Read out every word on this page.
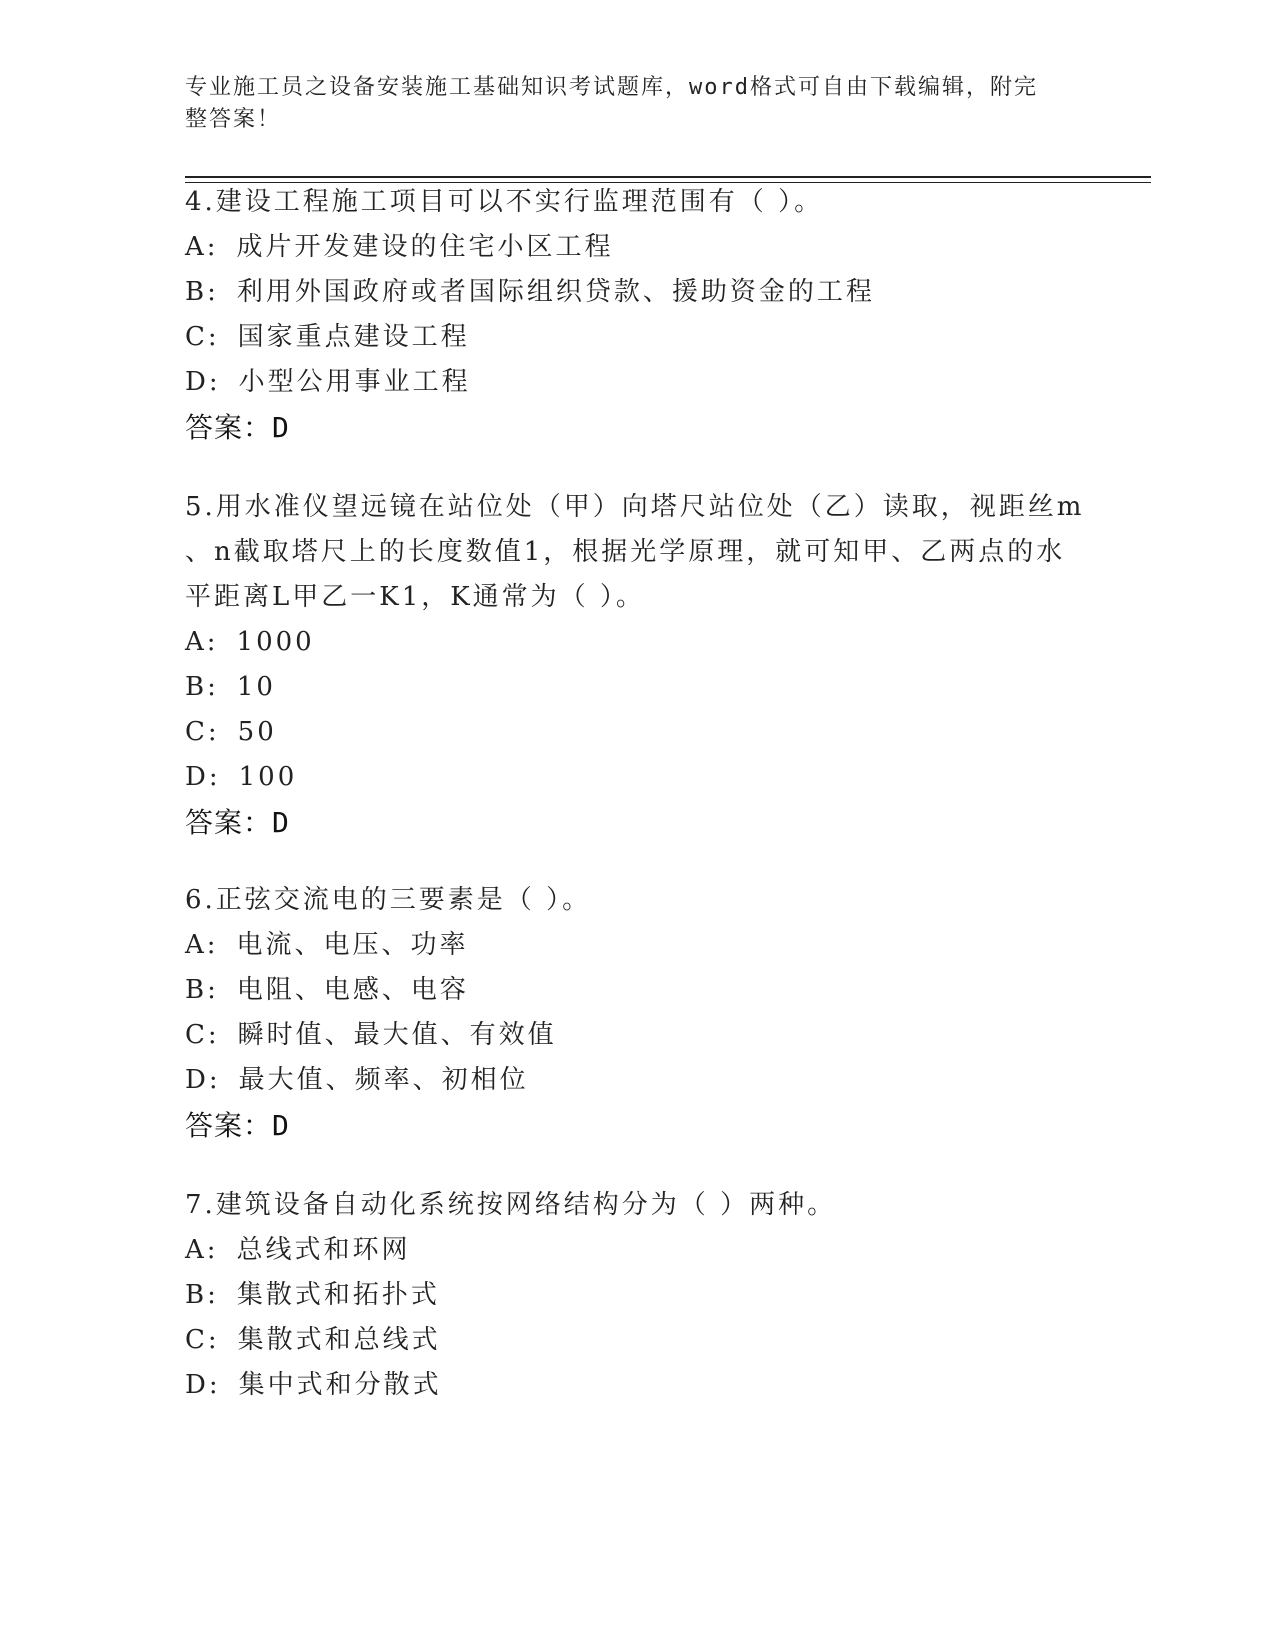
专业施工员之设备安装施工基础知识考试题库，word格式可自由下载编辑，附完
整答案！
4.建设工程施工项目可以不实行监理范围有（ ）。
A: 成片开发建设的住宅小区工程
B: 利用外国政府或者国际组织贷款、援助资金的工程
C: 国家重点建设工程
D: 小型公用事业工程
答案：D
5.用水准仪望远镜在站位处（甲）向塔尺站位处（乙）读取，视距丝m
、n截取塔尺上的长度数值1，根据光学原理，就可知甲、乙两点的水
平距离L甲乙一K1，K通常为（ ）。
A: 1000
B: 10
C: 50
D: 100
答案：D
6.正弦交流电的三要素是（ ）。
A: 电流、电压、功率
B: 电阻、电感、电容
C: 瞬时值、最大值、有效值
D: 最大值、频率、初相位
答案：D
7.建筑设备自动化系统按网络结构分为（ ）两种。
A: 总线式和环网
B: 集散式和拓扑式
C: 集散式和总线式
D: 集中式和分散式
